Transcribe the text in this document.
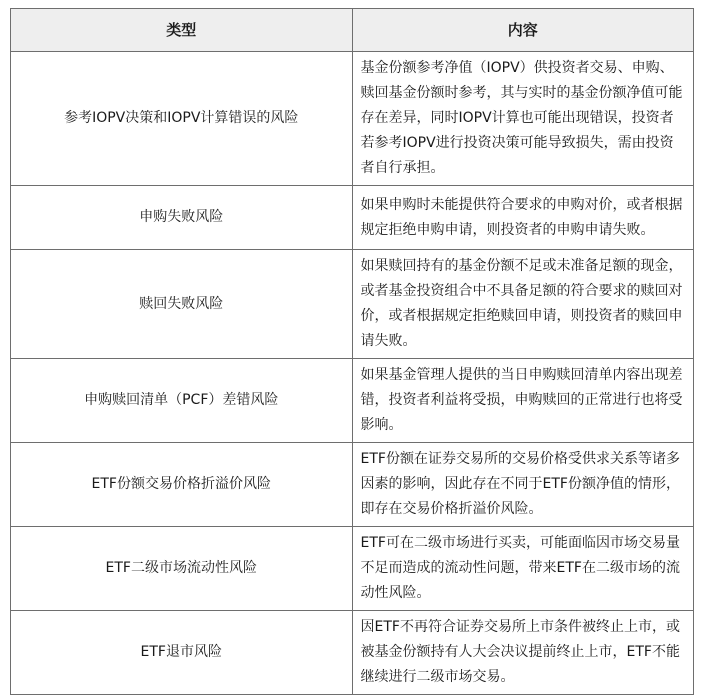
类型	内容
参考IOPV决策和IOPV计算错误的风险	基金份额参考净值（IOPV）供投资者交易、申购、赎回基金份额时参考，其与实时的基金份额净值可能存在差异，同时IOPV计算也可能出现错误，投资者若参考IOPV进行投资决策可能导致损失，需由投资者自行承担。
申购失败风险	如果申购时未能提供符合要求的申购对价，或者根据规定拒绝申购申请，则投资者的申购申请失败。
赎回失败风险	如果赎回持有的基金份额不足或未准备足额的现金，或者基金投资组合中不具备足额的符合要求的赎回对价，或者根据规定拒绝赎回申请，则投资者的赎回申请失败。
申购赎回清单（PCF）差错风险	如果基金管理人提供的当日申购赎回清单内容出现差错，投资者利益将受损，申购赎回的正常进行也将受影响。
ETF份额交易价格折溢价风险	ETF份额在证券交易所的交易价格受供求关系等诸多因素的影响，因此存在不同于ETF份额净值的情形，即存在交易价格折溢价风险。
ETF二级市场流动性风险	ETF可在二级市场进行买卖，可能面临因市场交易量不足而造成的流动性问题，带来ETF在二级市场的流动性风险。
ETF退市风险	因ETF不再符合证券交易所上市条件被终止上市，或被基金份额持有人大会决议提前终止上市，ETF不能继续进行二级市场交易。
